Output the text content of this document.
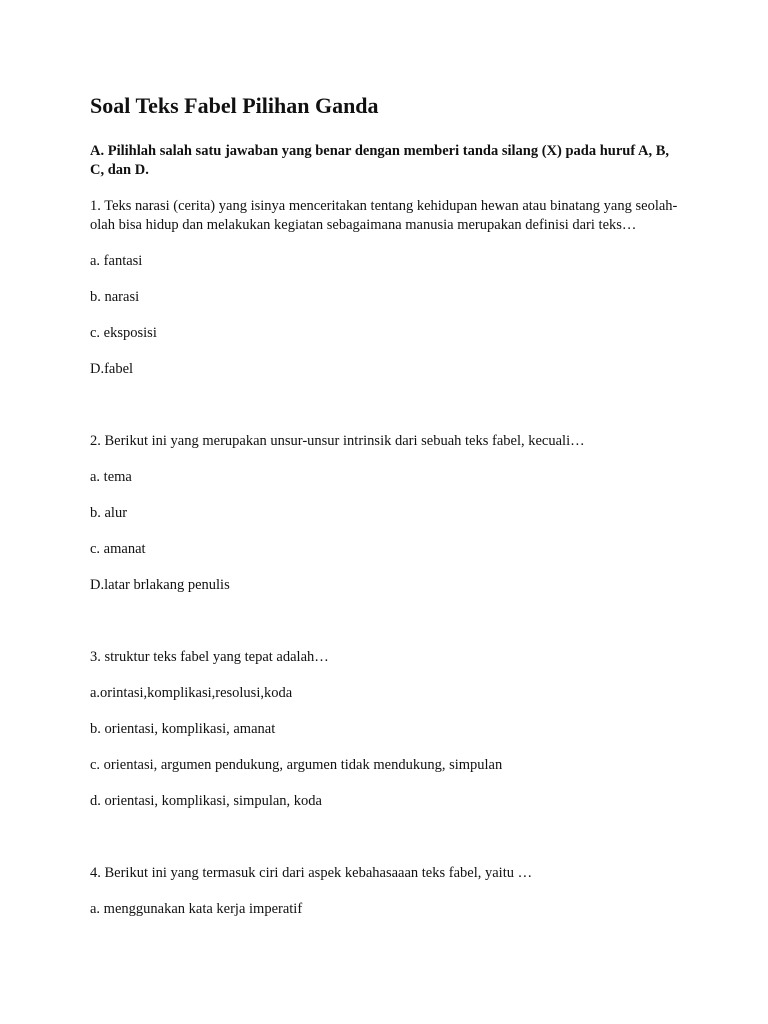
Soal Teks Fabel Pilihan Ganda

A. Pilihlah salah satu jawaban yang benar dengan memberi tanda silang (X) pada huruf A, B, C, dan D.

1. Teks narasi (cerita) yang isinya menceritakan tentang kehidupan hewan atau binatang yang seolah-olah bisa hidup dan melakukan kegiatan sebagaimana manusia merupakan definisi dari teks…

a. fantasi

b. narasi

c. eksposisi

D.fabel

2. Berikut ini yang merupakan unsur-unsur intrinsik dari sebuah teks fabel, kecuali…

a. tema

b. alur

c. amanat

D.latar brlakang penulis

3. struktur teks fabel yang tepat adalah…

a.orintasi,komplikasi,resolusi,koda

b. orientasi, komplikasi, amanat

c. orientasi, argumen pendukung, argumen tidak mendukung, simpulan

d. orientasi, komplikasi, simpulan, koda

4. Berikut ini yang termasuk ciri dari aspek kebahasaaan teks fabel, yaitu …

a. menggunakan kata kerja imperatif
